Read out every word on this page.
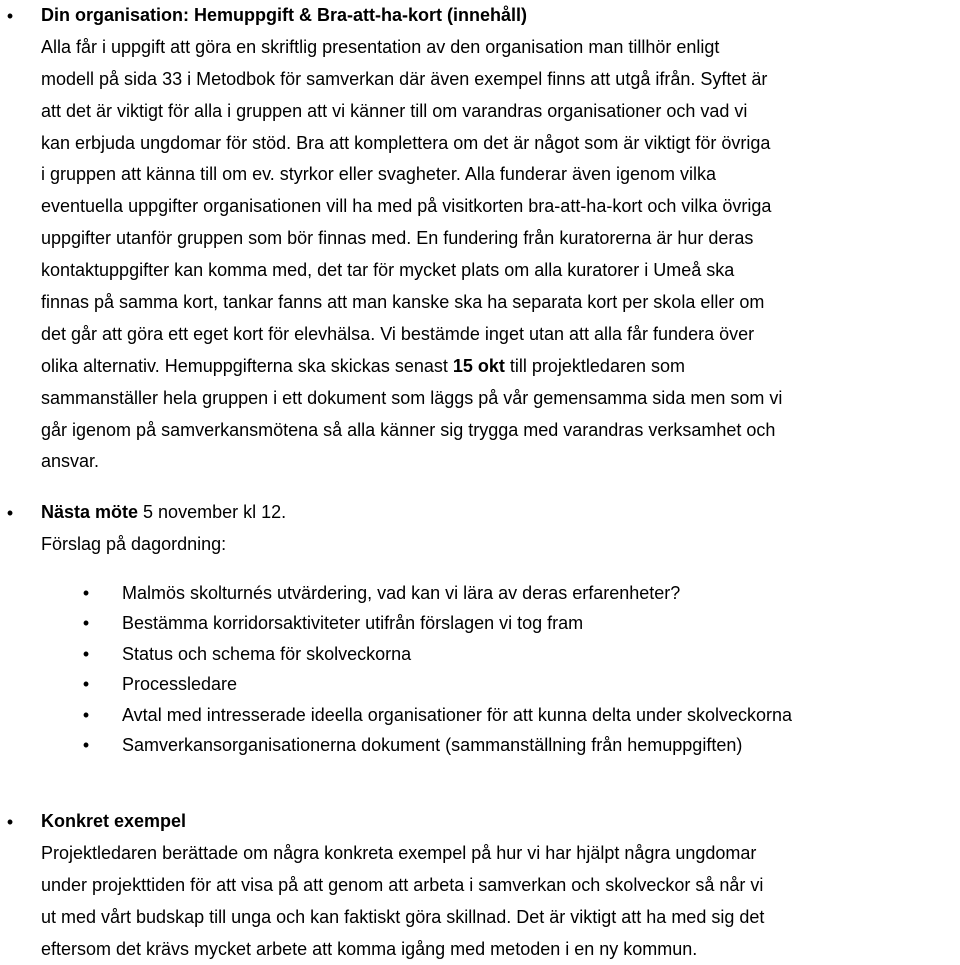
•	Din organisation: Hemuppgift & Bra-att-ha-kort (innehåll)
Alla får i uppgift att göra en skriftlig presentation av den organisation man tillhör enligt
modell på sida 33 i Metodbok för samverkan där även exempel finns att utgå ifrån. Syftet är
att det är viktigt för alla i gruppen att vi känner till om varandras organisationer och vad vi
kan erbjuda ungdomar för stöd. Bra att komplettera om det är något som är viktigt för övriga
i gruppen att känna till om ev. styrkor eller svagheter. Alla funderar även igenom vilka
eventuella uppgifter organisationen vill ha med på visitkorten bra-att-ha-kort och vilka övriga
uppgifter utanför gruppen som bör finnas med. En fundering från kuratorerna är hur deras
kontaktuppgifter kan komma med, det tar för mycket plats om alla kuratorer i Umeå ska
finnas på samma kort, tankar fanns att man kanske ska ha separata kort per skola eller om
det går att göra ett eget kort för elevhälsa. Vi bestämde inget utan att alla får fundera över
olika alternativ. Hemuppgifterna ska skickas senast 15 okt till projektledaren som
sammanställer hela gruppen i ett dokument som läggs på vår gemensamma sida men som vi
går igenom på samverkansmötena så alla känner sig trygga med varandras verksamhet och
ansvar.
•	Nästa möte 5 november kl 12.
Förslag på dagordning:
•	Malmös skolturnés utvärdering, vad kan vi lära av deras erfarenheter?
•	Bestämma korridorsaktiviteter utifrån förslagen vi tog fram
•	Status och schema för skolveckorna
•	Processledare
•	Avtal med intresserade ideella organisationer för att kunna delta under skolveckorna
•	Samverkansorganisationerna dokument (sammanställning från hemuppgiften)
•	Konkret exempel
Projektledaren berättade om några konkreta exempel på hur vi har hjälpt några ungdomar
under projekttiden för att visa på att genom att arbeta i samverkan och skolveckor så når vi
ut med vårt budskap till unga och kan faktiskt göra skillnad. Det är viktigt att ha med sig det
eftersom det krävs mycket arbete att komma igång med metoden i en ny kommun.
